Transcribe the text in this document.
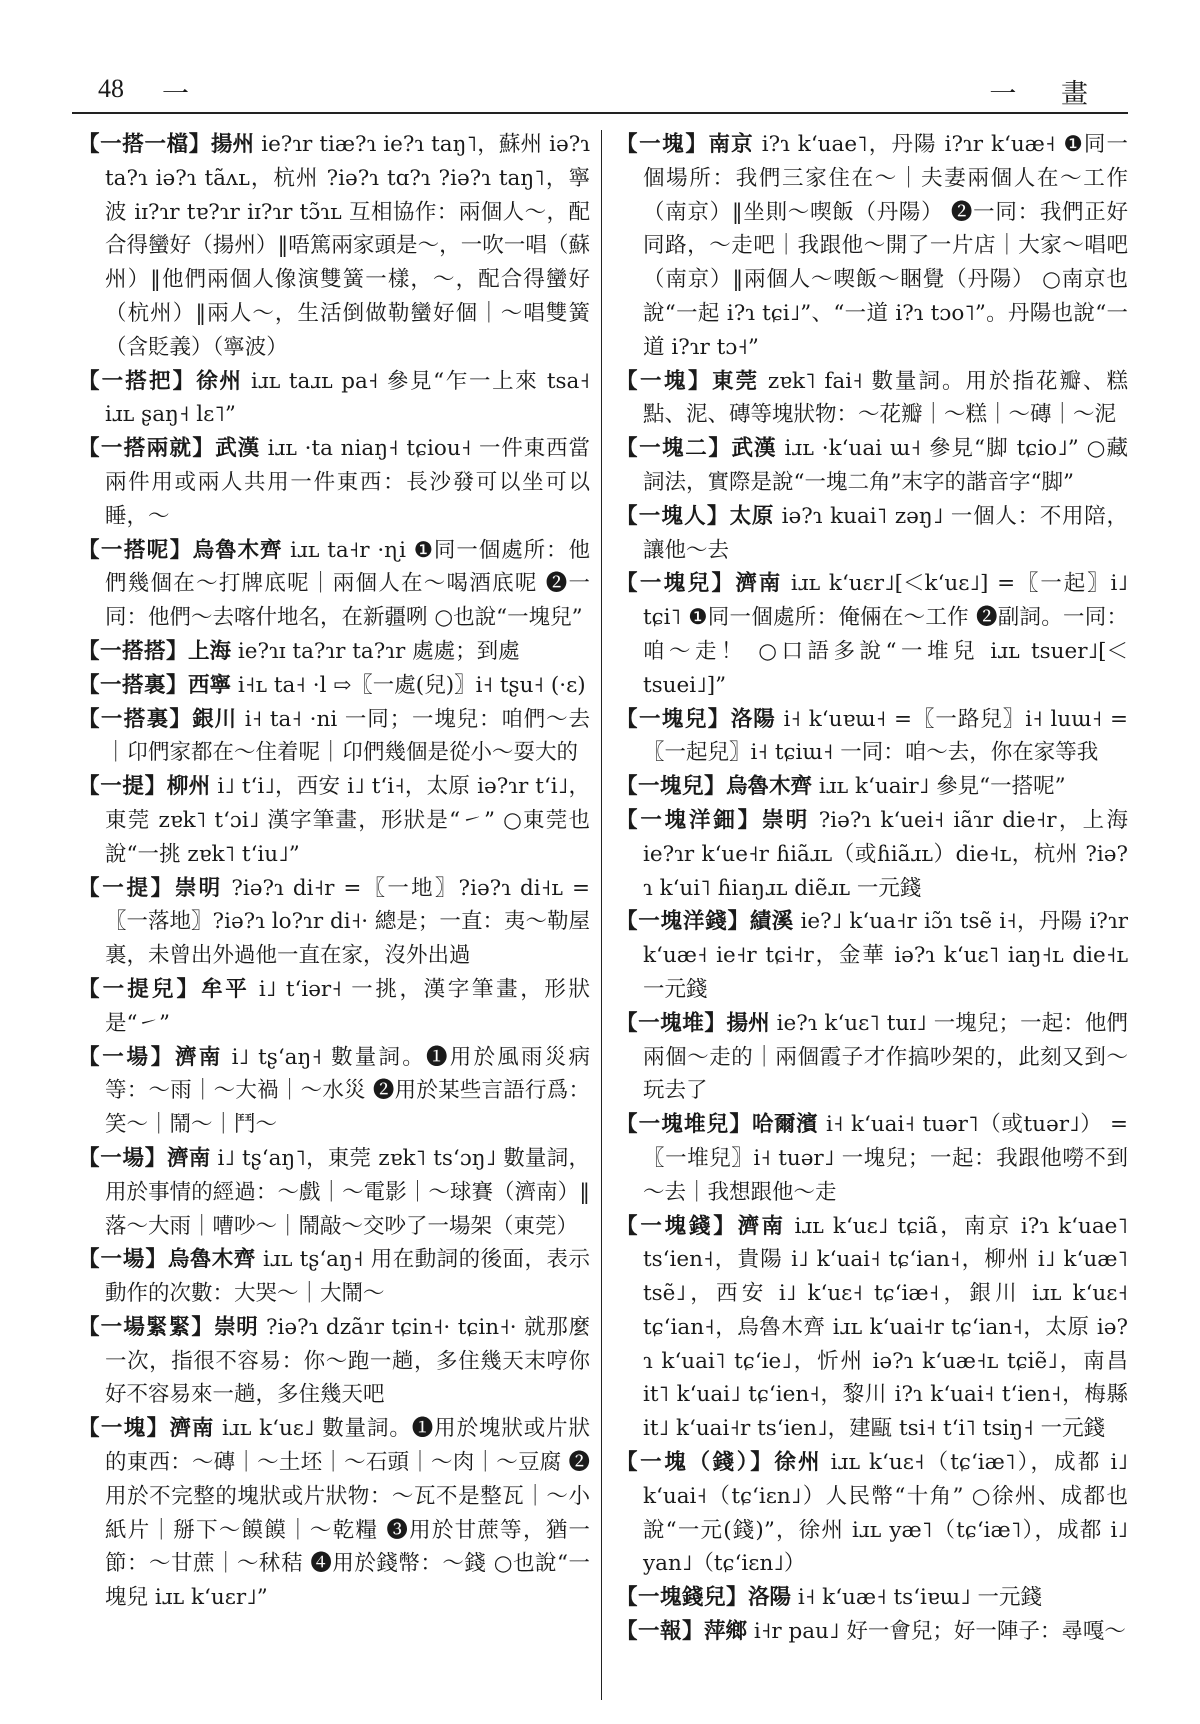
48 一	一 畫

【一搭一檔】揚州 ie?ɿr tiæ?ɿ ie?ɿ taŋ˥，蘇州 iə?ɿ ta?ɿ iə?ɿ tãʌʟ，杭州 ?iə?ɿ tɑ?ɿ ?iə?ɿ taŋ˥，寧波 iɪ?ɿr tɐ?ɿr iɪ?ɿr tɔ̃ɿʟ 互相協作：兩個人～，配合得蠻好（揚州）‖唔篤兩家頭是～，一吹一唱（蘇州）‖他們兩個人像演雙簧一樣，～，配合得蠻好（杭州）‖兩人～，生活倒做勒蠻好個｜～唱雙簧（含貶義）（寧波）

【一搭把】徐州 iɹʟ taɹʟ pa˧ 參見“乍一上來 tsa˧ iɹʟ ʂaŋ˧ lɛ˥”

【一搭兩就】武漢 iɹʟ ·ta niaŋ˧ tɕiou˧ 一件東西當兩件用或兩人共用一件東西：長沙發可以坐可以睡，～

【一搭呢】烏魯木齊 iɹʟ ta˧r ·ɳi ❶同一個處所：他們幾個在～打牌底呢｜兩個人在～喝酒底呢 ❷一同：他們～去喀什地名，在新疆咧 ○也說“一塊兒”

【一搭搭】上海 ie?ɿɪ ta?ɿr ta?ɿr 處處；到處

【一搭裏】西寧 i˧ʟ ta˧ ·l ⇨〖一處(兒)〗i˧ tʂu˧ (·ɛ)

【一搭裏】銀川 i˧ ta˧ ·ni 一同；一塊兒：咱們～去｜卬們家都在～住着呢｜卬們幾個是從小～耍大的

【一提】柳州 i˩ tʻi˩，西安 i˩ tʻi˧，太原 iə?ɿr tʻi˩，東莞 zɐk˥ tʻɔi˩ 漢字筆畫，形狀是“㇀” ○東莞也說“一挑 zɐk˥ tʻiu˩”

【一提】崇明 ?iə?ɿ di˧r =〖一地〗?iə?ɿ di˧ʟ =〖一落地〗?iə?ɿ lo?ɿr di˧· 總是；一直：夷～勒屋裏，未曾出外過他一直在家，沒外出過

【一提兒】牟平 i˩ tʻiər˧ 一挑，漢字筆畫，形狀是“㇀”

【一場】濟南 i˩ tʂʻaŋ˧ 數量詞。❶用於風雨災病等：～雨｜～大禍｜～水災 ❷用於某些言語行爲：笑～｜鬧～｜鬥～

【一場】濟南 i˩ tʂʻaŋ˥，東莞 zɐk˥ tsʻɔŋ˩ 數量詞，用於事情的經過：～戲｜～電影｜～球賽（濟南）‖落～大雨｜嘈吵～｜鬧敲～交吵了一場架（東莞）

【一場】烏魯木齊 iɹʟ tʂʻaŋ˧ 用在動詞的後面，表示動作的次數：大哭～｜大鬧～

【一場緊緊】崇明 ?iə?ɿ dzãɿr tɕin˧· tɕin˧· 就那麼一次，指很不容易：你～跑一趟，多住幾天末哼你好不容易來一趟，多住幾天吧

【一塊】濟南 iɹʟ kʻuɛ˩ 數量詞。❶用於塊狀或片狀的東西：～磚｜～土坯｜～石頭｜～肉｜～豆腐 ❷用於不完整的塊狀或片狀物：～瓦不是整瓦｜～小紙片｜掰下～饃饃｜～乾糧 ❸用於甘蔗等，猶一節：～甘蔗｜～秫秸 ❹用於錢幣：～錢 ○也說“一塊兒 iɹʟ kʻuɛr˩”

【一塊】南京 i?ɿ kʻuae˥，丹陽 i?ɿr kʻuæ˧ ❶同一個場所：我們三家住在～｜夫妻兩個人在～工作（南京）‖坐則～喫飯（丹陽） ❷一同：我們正好同路，～走吧｜我跟他～開了一片店｜大家～唱吧（南京）‖兩個人～喫飯～睏覺（丹陽） ○南京也說“一起 i?ɿ tɕi˩”、“一道 i?ɿ tɔo˥”。丹陽也說“一道 i?ɿr tɔ˧”

【一塊】東莞 zɐk˥ fai˧ 數量詞。用於指花瓣、糕點、泥、磚等塊狀物：～花瓣｜～糕｜～磚｜～泥

【一塊二】武漢 iɹʟ ·kʻuai ɯ˧ 參見“脚 tɕio˩” ○藏詞法，實際是說“一塊二角”末字的諧音字“脚”

【一塊人】太原 iə?ɿ kuai˥ zəŋ˩ 一個人：不用陪，讓他～去

【一塊兒】濟南 iɹʟ kʻuɛr˩[＜kʻuɛ˩] =〖一起〗i˩ tɕi˥ ❶同一個處所：俺倆在～工作 ❷副詞。一同：咱～走！ ○口語多說“一堆兒 iɹʟ tsuer˩[＜tsuei˩]”

【一塊兒】洛陽 i˧ kʻuɐɯ˧ =〖一路兒〗i˧ luɯ˧ =〖一起兒〗i˧ tɕiɯ˧ 一同：咱～去，你在家等我

【一塊兒】烏魯木齊 iɹʟ kʻuair˩ 參見“一搭呢”

【一塊洋鈿】崇明 ?iə?ɿ kʻuei˧ iãɿr die˧r，上海 ie?ɿr kʻue˧r ɦiãɹʟ（或ɦiãɹʟ）die˧ʟ，杭州 ?iə?ɿ kʻui˥ ɦiaŋɹʟ diẽɹʟ 一元錢

【一塊洋錢】績溪 ie?˩ kʻua˧r iɔ̃ɿ tsẽ i˧，丹陽 i?ɿr kʻuæ˧ ie˧r tɕi˧r，金華 iə?ɿ kʻuɛ˥ iaŋ˧ʟ die˧ʟ 一元錢

【一塊堆】揚州 ie?ɿ kʻuɛ˥ tuɪ˩ 一塊兒；一起：他們兩個～走的｜兩個霞子才作搞吵架的，此刻又到～玩去了

【一塊堆兒】哈爾濱 i˧ kʻuai˧ tuər˥（或tuər˩） =〖一堆兒〗i˧ tuər˩ 一塊兒；一起：我跟他嘮不到～去｜我想跟他～走

【一塊錢】濟南 iɹʟ kʻuɛ˩ tɕiã，南京 i?ɿ kʻuae˥ tsʻien˧，貴陽 i˩ kʻuai˧ tɕʻian˧，柳州 i˩ kʻuæ˥ tsẽ˩，西安 i˩ kʻuɛ˧ tɕʻiæ˧，銀川 iɹʟ kʻuɛ˧ tɕʻian˧，烏魯木齊 iɹʟ kʻuai˧r tɕʻian˧，太原 iə?ɿ kʻuai˥ tɕʻie˩，忻州 iə?ɿ kʻuæ˧ʟ tɕiẽ˩，南昌 it˥ kʻuai˩ tɕʻien˧，黎川 i?ɿ kʻuai˧ tʻien˧，梅縣 it˩ kʻuai˧r tsʻien˩，建甌 tsi˧ tʻi˥ tsiŋ˧ 一元錢

【一塊（錢）】徐州 iɹʟ kʻuɛ˧（tɕʻiæ˥），成都 i˩ kʻuai˧（tɕʻiɛn˩）人民幣“十角” ○徐州、成都也說“一元(錢)”，徐州 iɹʟ yæ˥（tɕʻiæ˥），成都 i˩ yan˩（tɕʻiɛn˩）

【一塊錢兒】洛陽 i˧ kʻuæ˧ tsʻiɐɯ˩ 一元錢

【一報】萍鄉 i˧r pau˩ 好一會兒；好一陣子：尋嘎～
